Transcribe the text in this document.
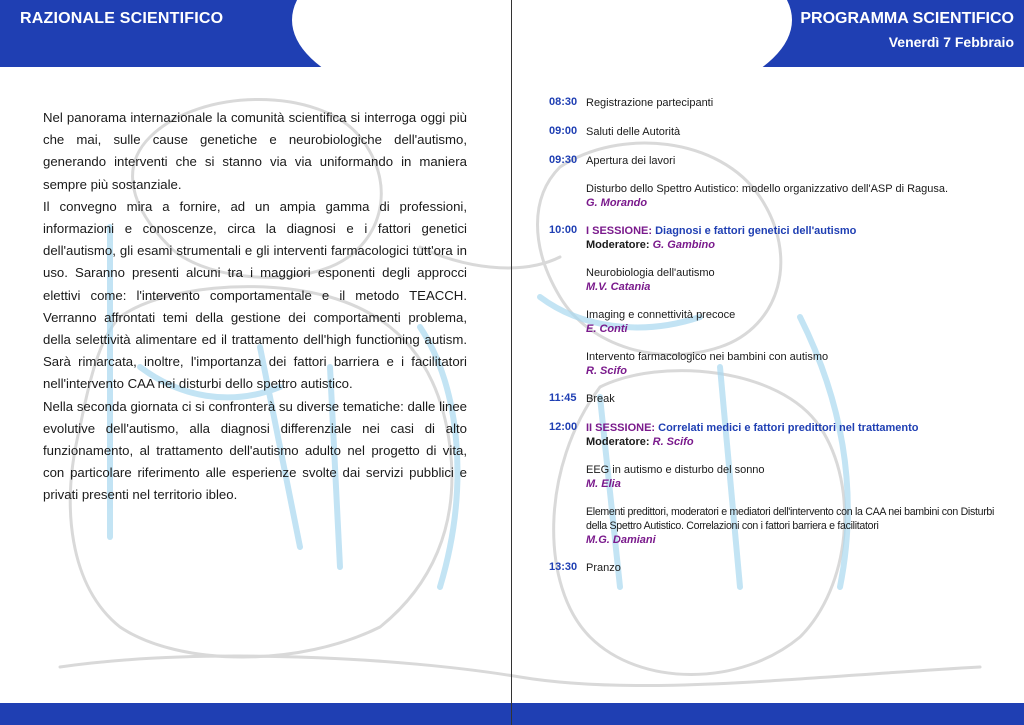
RAZIONALE SCIENTIFICO	PROGRAMMA SCIENTIFICO
Venerdì 7 Febbraio

Nel panorama internazionale la comunità scientifica si interroga oggi più che mai, sulle cause genetiche e neurobiologiche dell'autismo, generando interventi che si stanno via via uniformando in maniera sempre più sostanziale.

Il convegno mira a fornire, ad un ampia gamma di professioni, informazioni e conoscenze, circa la diagnosi e i fattori genetici dell'autismo, gli esami strumentali e gli interventi farmacologici tutt'ora in uso. Saranno presenti alcuni tra i maggiori esponenti degli approcci elettivi come: l'intervento comportamentale e il metodo TEACCH. Verranno affrontati temi della gestione dei comportamenti problema, della selettività alimentare ed il trattamento dell'high functioning autism. Sarà rimarcata, inoltre, l'importanza dei fattori barriera e i facilitatori nell'intervento CAA nei disturbi dello spettro autistico.

Nella seconda giornata ci si confronterà su diverse tematiche: dalle linee evolutive dell'autismo, alla diagnosi differenziale nei casi di alto funzionamento, al trattamento dell'autismo adulto nel progetto di vita, con particolare riferimento alle esperienze svolte dai servizi pubblici e privati presenti nel territorio ibleo.

08:30 Registrazione partecipanti
09:00 Saluti delle Autorità
09:30 Apertura dei lavori
Disturbo dello Spettro Autistico: modello organizzativo dell'ASP di Ragusa.
G. Morando
10:00 I SESSIONE: Diagnosi e fattori genetici dell'autismo
Moderatore: G. Gambino
Neurobiologia dell'autismo
M.V. Catania
Imaging e connettività precoce
E. Conti
Intervento farmacologico nei bambini con autismo
R. Scifo
11:45 Break
12:00 II SESSIONE: Correlati medici e fattori predittori nel trattamento
Moderatore: R. Scifo
EEG in autismo e disturbo del sonno
M. Elia
Elementi predittori, moderatori e mediatori dell'intervento con la CAA nei bambini con Disturbi della Spettro Autistico. Correlazioni con i fattori barriera e facilitatori
M.G. Damiani
13:30 Pranzo
